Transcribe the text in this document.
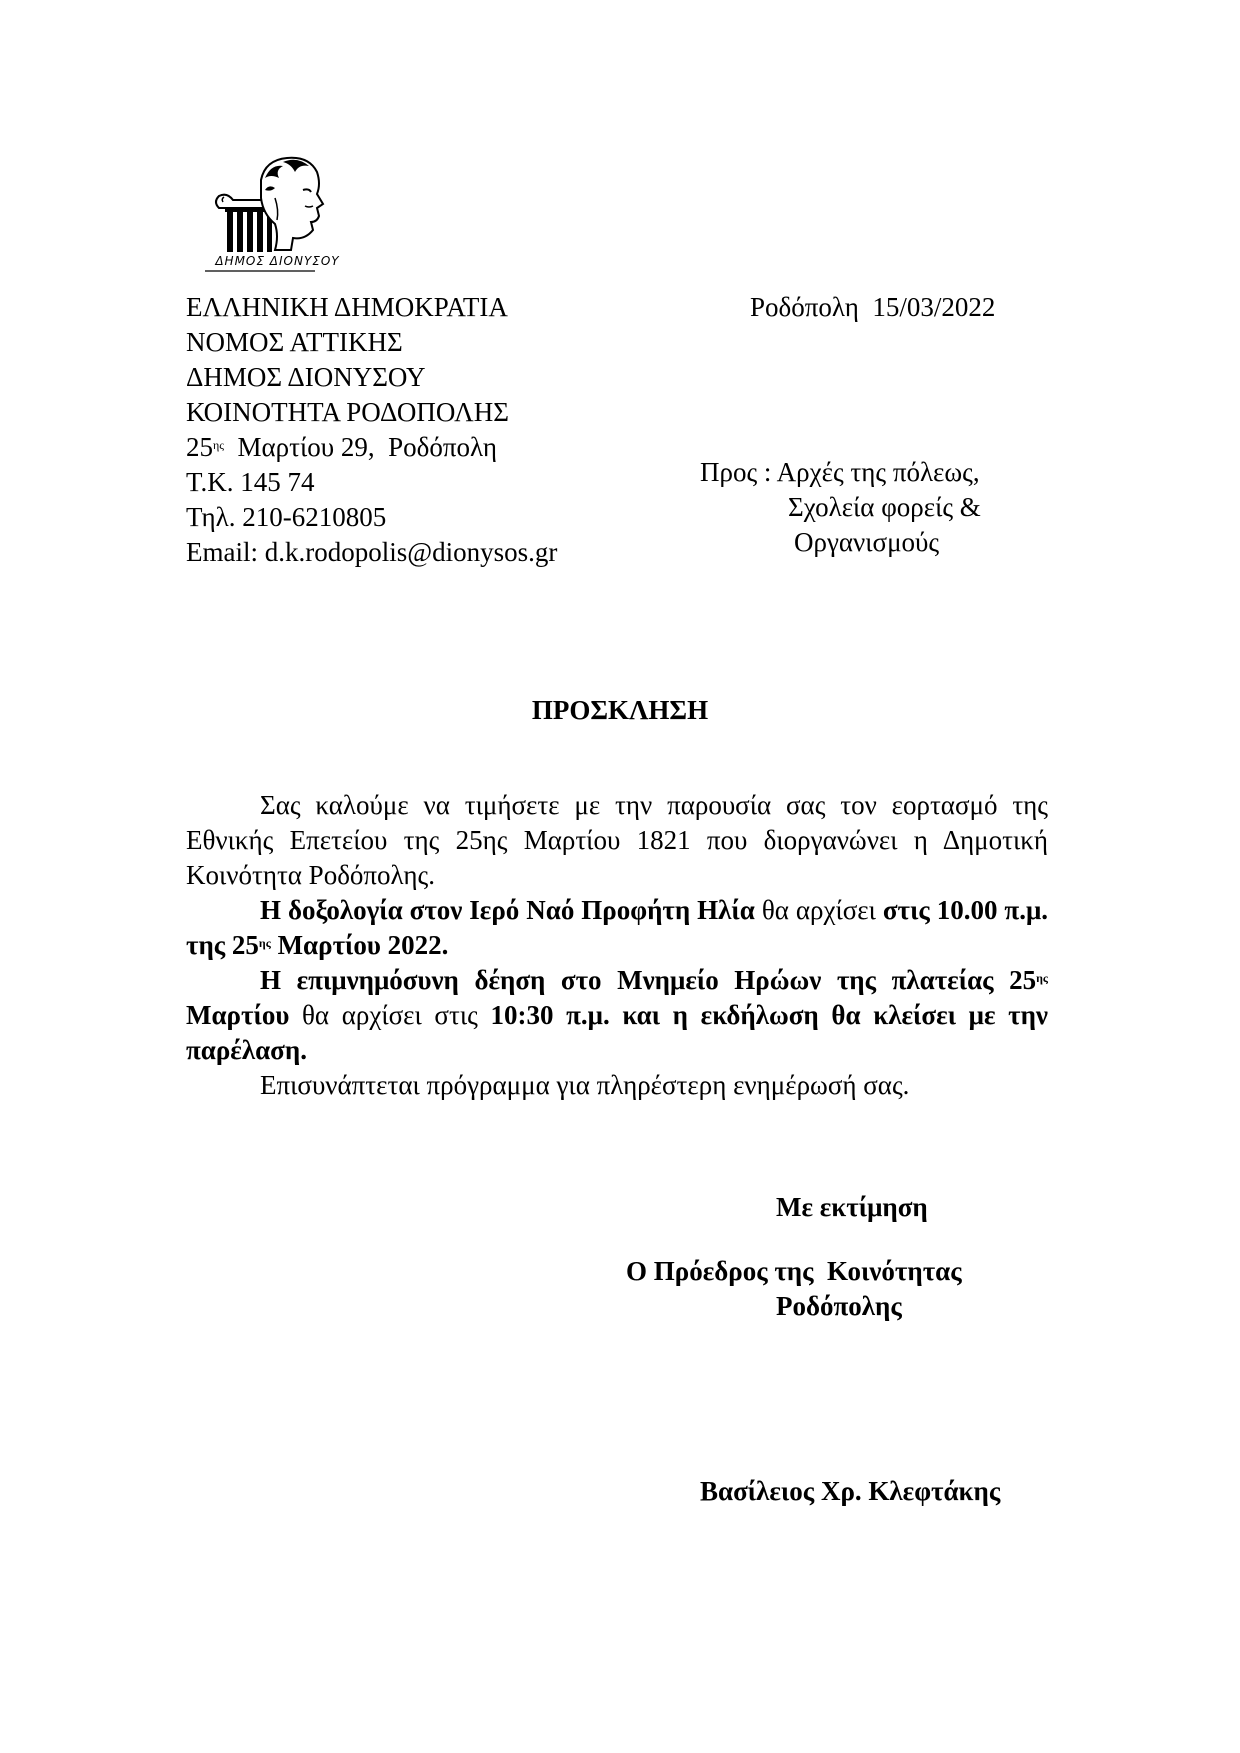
ΔΗΜΟΣ ΔΙΟΝΥΣΟΥ
ΕΛΛΗΝΙΚΗ ΔΗΜΟΚΡΑΤΙΑ
ΝΟΜΟΣ ΑΤΤΙΚΗΣ
ΔΗΜΟΣ ΔΙΟΝΥΣΟΥ
ΚΟΙΝΟΤΗΤΑ ΡΟΔΟΠΟΛΗΣ
$25^{\eta\varsigma}$  Μαρτίου 29,  Ροδόπολη
Τ.Κ. 145 74
Τηλ. 210-6210805
Email: d.k.rodopolis@dionysos.gr
Ροδόπολη  15/03/2022
Προς : Αρχές της πόλεως,
Σχολεία φορείς &
Οργανισμούς
ΠΡΟΣΚΛΗΣΗ

Σας καλούμε να τιμήσετε με την παρουσία σας τον εορτασμό της Εθνικής Επετείου της 25ης Μαρτίου 1821 που διοργανώνει η Δημοτική Κοινότητα Ροδόπολης.

Η δοξολογία στον Ιερό Ναό Προφήτη Ηλία θα αρχίσει στις 10.00 π.μ. της $25^{\eta\varsigma}$ Μαρτίου 2022.

Η επιμνημόσυνη δέηση στο Μνημείο Ηρώων της πλατείας $25^{\eta\varsigma}$ Μαρτίου θα αρχίσει στις 10:30 π.μ. και η εκδήλωση θα κλείσει με την παρέλαση.

Επισυνάπτεται πρόγραμμα για πληρέστερη ενημέρωσή σας.

Με εκτίμηση
Ο Πρόεδρος της  Κοινότητας
Ροδόπολης
Βασίλειος Χρ. Κλεφτάκης
